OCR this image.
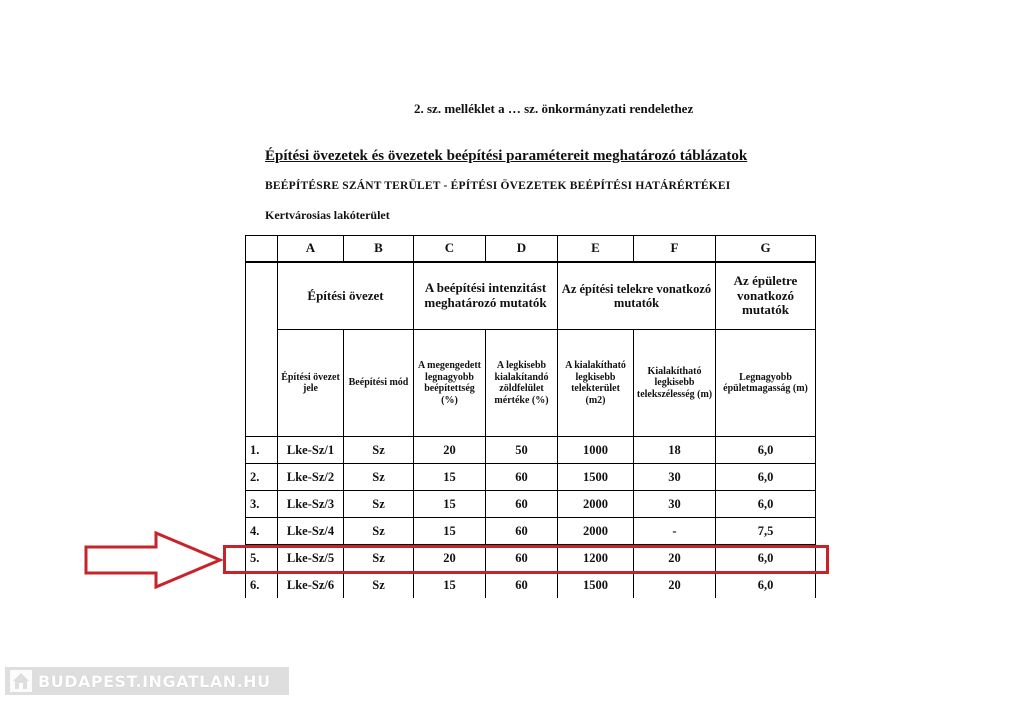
2. sz. melléklet a … sz. önkormányzati rendelethez
Építési övezetek és övezetek beépítési paramétereit meghatározó táblázatok
BEÉPÍTÉSRE SZÁNT TERÜLET - ÉPÍTÉSI ÖVEZETEK BEÉPÍTÉSI HATÁRÉRTÉKEI
Kertvárosias lakóterület
	A	B	C	D	E	F	G
	Építési övezet		A beépítési intenzitást meghatározó mutatók		Az építési telekre vonatkozó mutatók		Az épületre vonatkozó mutatók
	Építési övezet jele	Beépítési mód	A megengedett legnagyobb beépítettség (%)	A legkisebb kialakítandó zöldfelület mértéke (%)	A kialakítható legkisebb telekterület (m2)	Kialakítható legkisebb telekszélesség (m)	Legnagyobb épületmagasság (m)
1.	Lke-Sz/1	Sz	20	50	1000	18	6,0
2.	Lke-Sz/2	Sz	15	60	1500	30	6,0
3.	Lke-Sz/3	Sz	15	60	2000	30	6,0
4.	Lke-Sz/4	Sz	15	60	2000	-	7,5
5.	Lke-Sz/5	Sz	20	60	1200	20	6,0
6.	Lke-Sz/6	Sz	15	60	1500	20	6,0
BUDAPEST.INGATLAN.HU
